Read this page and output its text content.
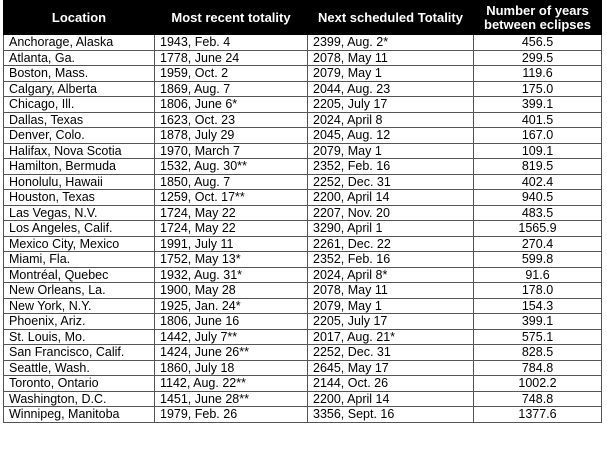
Location	Most recent totality	Next scheduled Totality	Number of years between eclipses
Anchorage, Alaska	1943, Feb. 4	2399, Aug. 2*	456.5
Atlanta, Ga.	1778, June 24	2078, May 11	299.5
Boston, Mass.	1959, Oct. 2	2079, May 1	119.6
Calgary, Alberta	1869, Aug. 7	2044, Aug. 23	175.0
Chicago, Ill.	1806, June 6*	2205, July 17	399.1
Dallas, Texas	1623, Oct. 23	2024, April 8	401.5
Denver, Colo.	1878, July 29	2045, Aug. 12	167.0
Halifax, Nova Scotia	1970, March 7	2079, May 1	109.1
Hamilton, Bermuda	1532, Aug. 30**	2352, Feb. 16	819.5
Honolulu, Hawaii	1850, Aug. 7	2252, Dec. 31	402.4
Houston, Texas	1259, Oct. 17**	2200, April 14	940.5
Las Vegas, N.V.	1724, May 22	2207, Nov. 20	483.5
Los Angeles, Calif.	1724, May 22	3290, April 1	1565.9
Mexico City, Mexico	1991, July 11	2261, Dec. 22	270.4
Miami, Fla.	1752, May 13*	2352, Feb. 16	599.8
Montréal, Quebec	1932, Aug. 31*	2024, April 8*	91.6
New Orleans, La.	1900, May 28	2078, May 11	178.0
New York, N.Y.	1925, Jan. 24*	2079, May 1	154.3
Phoenix, Ariz.	1806, June 16	2205, July 17	399.1
St. Louis, Mo.	1442, July 7**	2017, Aug. 21*	575.1
San Francisco, Calif.	1424, June 26**	2252, Dec. 31	828.5
Seattle, Wash.	1860, July 18	2645, May 17	784.8
Toronto, Ontario	1142, Aug. 22**	2144, Oct. 26	1002.2
Washington, D.C.	1451, June 28**	2200, April 14	748.8
Winnipeg, Manitoba	1979, Feb. 26	3356, Sept. 16	1377.6
